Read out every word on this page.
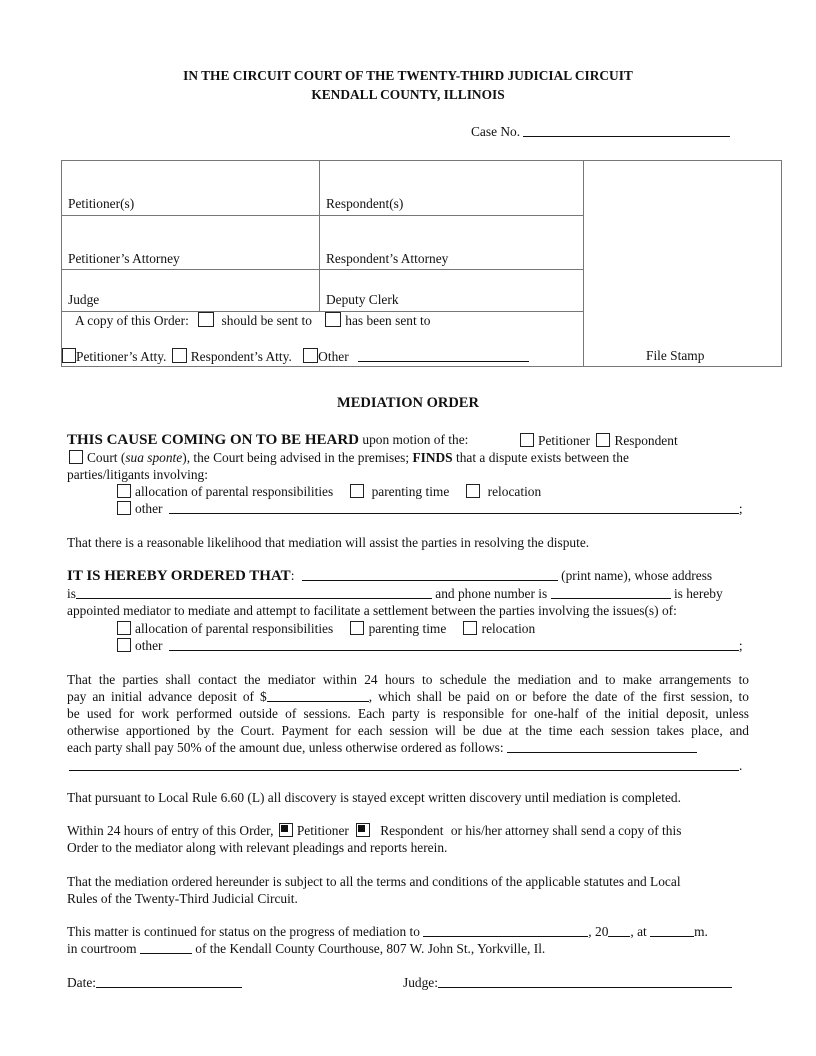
IN THE CIRCUIT COURT OF THE TWENTY-THIRD JUDICIAL CIRCUIT
KENDALL COUNTY, ILLINOIS
Case No.
Petitioner(s)	Respondent(s)
Petitioner’s Attorney	Respondent’s Attorney
Judge	Deputy Clerk
A copy of this Order: should be sent to has been sent to
Petitioner’s Atty. Respondent’s Atty. Other	File Stamp
MEDIATION ORDER
THIS CAUSE COMING ON TO BE HEARD upon motion of the:	Petitioner Respondent
Court (sua sponte), the Court being advised in the premises; FINDS that a dispute exists between the
parties/litigants involving:
allocation of parental responsibilities	parenting time	relocation
other	;
That there is a reasonable likelihood that mediation will assist the parties in resolving the dispute.
IT IS HEREBY ORDERED THAT:	(print name), whose address
is	and phone number is	is hereby
appointed mediator to mediate and attempt to facilitate a settlement between the parties involving the issues(s) of:
allocation of parental responsibilities	parenting time	relocation
other	;
That the parties shall contact the mediator within 24 hours to schedule the mediation and to make arrangements to
pay an initial advance deposit of $	, which shall be paid on or before the date of the first session, to
be used for work performed outside of sessions. Each party is responsible for one-half of the initial deposit, unless
otherwise apportioned by the Court. Payment for each session will be due at the time each session takes place, and
each party shall pay 50% of the amount due, unless otherwise ordered as follows:
.
That pursuant to Local Rule 6.60 (L) all discovery is stayed except written discovery until mediation is completed.
Within 24 hours of entry of this Order, Petitioner Respondent or his/her attorney shall send a copy of this
Order to the mediator along with relevant pleadings and reports herein.
That the mediation ordered hereunder is subject to all the terms and conditions of the applicable statutes and Local
Rules of the Twenty-Third Judicial Circuit.
This matter is continued for status on the progress of mediation to	, 20 , at	m.
in courtroom	of the Kendall County Courthouse, 807 W. John St., Yorkville, Il.
Date:	Judge:
